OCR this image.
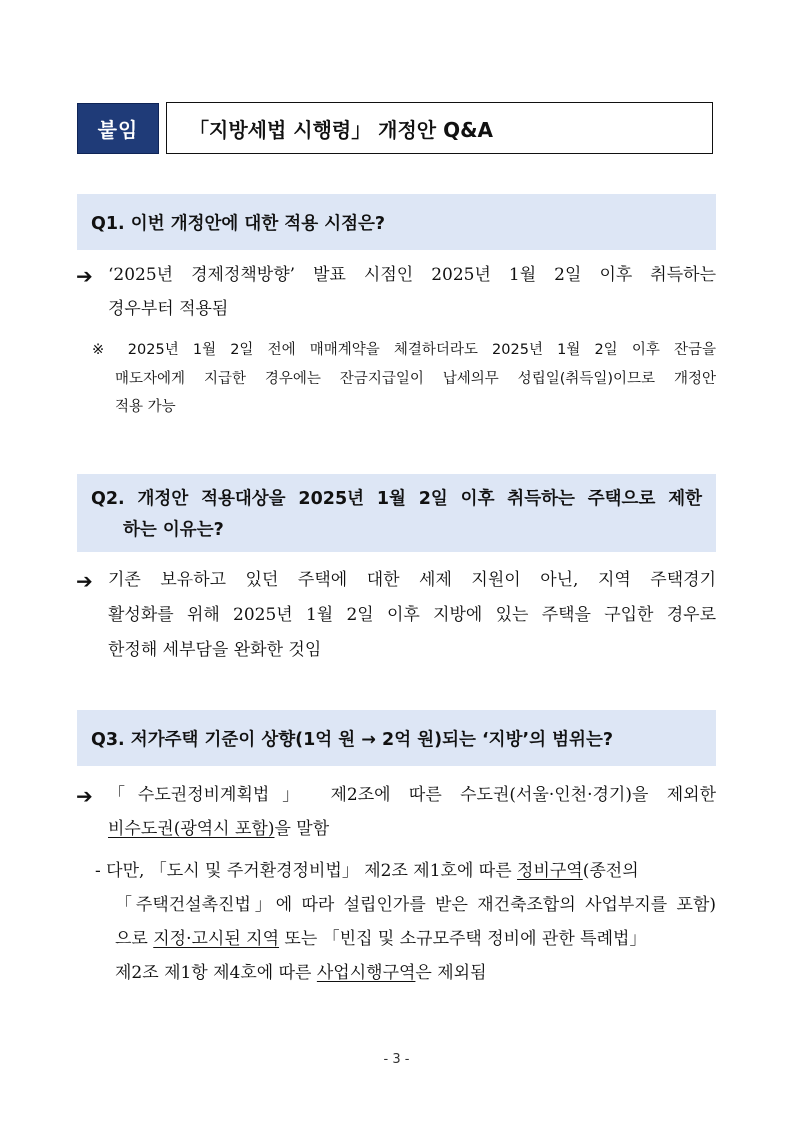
붙임	「지방세법 시행령」 개정안 Q&A
Q1. 이번 개정안에 대한 적용 시점은?
➔ ‘2025년 경제정책방향’ 발표 시점인 2025년 1월 2일 이후 취득하는
경우부터 적용됨
※ 2025년 1월 2일 전에 매매계약을 체결하더라도 2025년 1월 2일 이후 잔금을
매도자에게 지급한 경우에는 잔금지급일이 납세의무 성립일(취득일)이므로 개정안
적용 가능
Q2. 개정안 적용대상을 2025년 1월 2일 이후 취득하는 주택으로 제한
하는 이유는?
➔ 기존 보유하고 있던 주택에 대한 세제 지원이 아닌, 지역 주택경기
활성화를 위해 2025년 1월 2일 이후 지방에 있는 주택을 구입한 경우로
한정해 세부담을 완화한 것임
Q3. 저가주택 기준이 상향(1억 원 → 2억 원)되는 ‘지방’의 범위는?
➔ 「수도권정비계획법」 제2조에 따른 수도권(서울·인천·경기)을 제외한
비수도권(광역시 포함)을 말함
- 다만, 「도시 및 주거환경정비법」 제2조 제1호에 따른 정비구역(종전의
「주택건설촉진법」에 따라 설립인가를 받은 재건축조합의 사업부지를 포함)
으로 지정·고시된 지역 또는 「빈집 및 소규모주택 정비에 관한 특례법」
제2조 제1항 제4호에 따른 사업시행구역은 제외됨
- 3 -
